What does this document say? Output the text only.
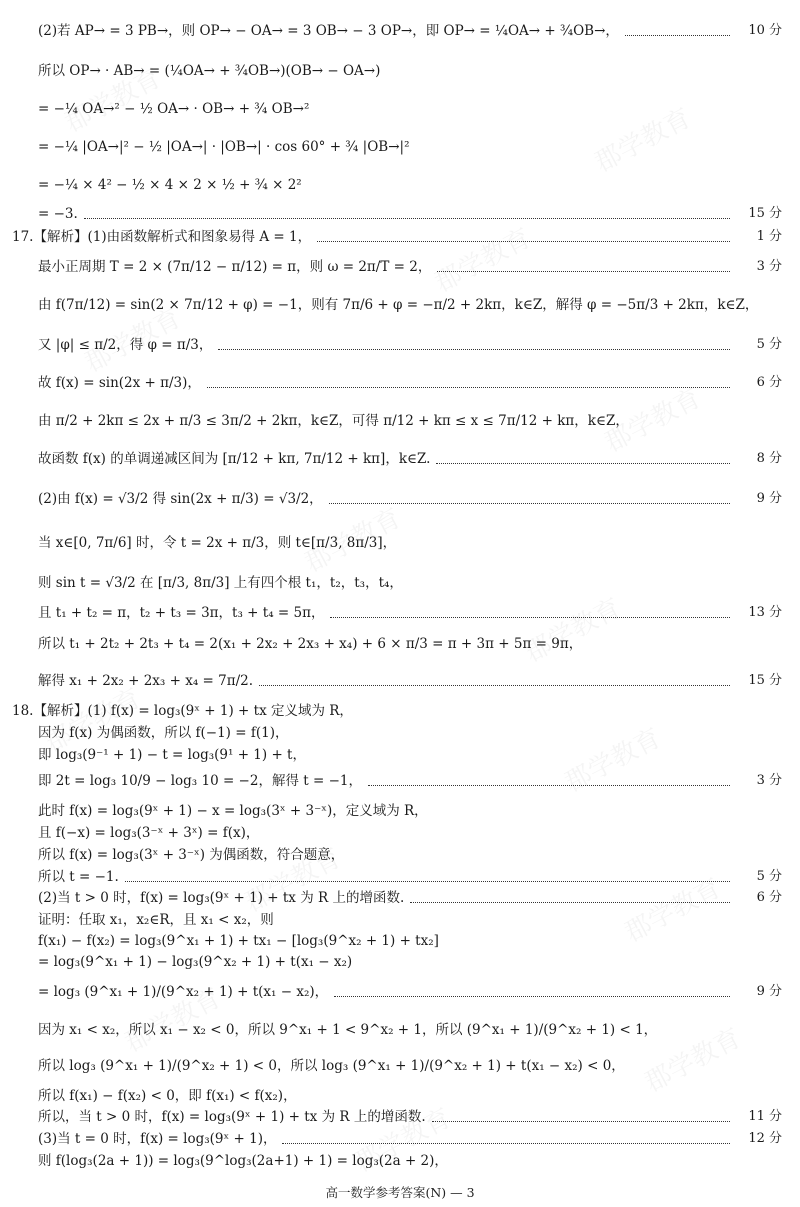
(2)若 AP→ = 3 PB→，则 OP→ − OA→ = 3 OB→ − 3 OP→，即 OP→ = ¼OA→ + ¾OB→，	10 分
所以 OP→ · AB→ = (¼OA→ + ¾OB→)(OB→ − OA→)
= −¼ OA→² − ½ OA→ · OB→ + ¾ OB→²
= −¼ |OA→|² − ½ |OA→| · |OB→| · cos 60° + ¾ |OB→|²
= −¼ × 4² − ½ × 4 × 2 × ½ + ¾ × 2²
= −3.	15 分
17.【解析】(1)由函数解析式和图象易得 A = 1，	1 分
最小正周期 T = 2 × (7π/12 − π/12) = π，则 ω = 2π/T = 2，	3 分
由 f(7π/12) = sin(2 × 7π/12 + φ) = −1，则有 7π/6 + φ = −π/2 + 2kπ，k∈Z，解得 φ = −5π/3 + 2kπ，k∈Z，
又 |φ| ≤ π/2，得 φ = π/3，	5 分
故 f(x) = sin(2x + π/3)，	6 分
由 π/2 + 2kπ ≤ 2x + π/3 ≤ 3π/2 + 2kπ，k∈Z，可得 π/12 + kπ ≤ x ≤ 7π/12 + kπ，k∈Z，
故函数 f(x) 的单调递减区间为 [π/12 + kπ, 7π/12 + kπ]，k∈Z.	8 分
(2)由 f(x) = √3/2 得 sin(2x + π/3) = √3/2，	9 分
当 x∈[0, 7π/6] 时，令 t = 2x + π/3，则 t∈[π/3, 8π/3]，
则 sin t = √3/2 在 [π/3, 8π/3] 上有四个根 t₁，t₂，t₃，t₄，
且 t₁ + t₂ = π，t₂ + t₃ = 3π，t₃ + t₄ = 5π，	13 分
所以 t₁ + 2t₂ + 2t₃ + t₄ = 2(x₁ + 2x₂ + 2x₃ + x₄) + 6 × π/3 = π + 3π + 5π = 9π，
解得 x₁ + 2x₂ + 2x₃ + x₄ = 7π/2.	15 分
18.【解析】(1) f(x) = log₃(9ˣ + 1) + tx 定义域为 R，
因为 f(x) 为偶函数，所以 f(−1) = f(1)，
即 log₃(9⁻¹ + 1) − t = log₃(9¹ + 1) + t，
即 2t = log₃ 10/9 − log₃ 10 = −2，解得 t = −1，	3 分
此时 f(x) = log₃(9ˣ + 1) − x = log₃(3ˣ + 3⁻ˣ)，定义域为 R，
且 f(−x) = log₃(3⁻ˣ + 3ˣ) = f(x)，
所以 f(x) = log₃(3ˣ + 3⁻ˣ) 为偶函数，符合题意，
所以 t = −1.	5 分
(2)当 t > 0 时，f(x) = log₃(9ˣ + 1) + tx 为 R 上的增函数.	6 分
证明：任取 x₁，x₂∈R，且 x₁ < x₂，则
f(x₁) − f(x₂) = log₃(9^x₁ + 1) + tx₁ − [log₃(9^x₂ + 1) + tx₂]
= log₃(9^x₁ + 1) − log₃(9^x₂ + 1) + t(x₁ − x₂)
= log₃ (9^x₁ + 1)/(9^x₂ + 1) + t(x₁ − x₂)，	9 分
因为 x₁ < x₂，所以 x₁ − x₂ < 0，所以 9^x₁ + 1 < 9^x₂ + 1，所以 (9^x₁ + 1)/(9^x₂ + 1) < 1，
所以 log₃ (9^x₁ + 1)/(9^x₂ + 1) < 0，所以 log₃ (9^x₁ + 1)/(9^x₂ + 1) + t(x₁ − x₂) < 0，
所以 f(x₁) − f(x₂) < 0，即 f(x₁) < f(x₂)，
所以，当 t > 0 时，f(x) = log₃(9ˣ + 1) + tx 为 R 上的增函数.	11 分
(3)当 t = 0 时，f(x) = log₃(9ˣ + 1)，	12 分
则 f(log₃(2a + 1)) = log₃(9^log₃(2a+1) + 1) = log₃(2a + 2)，
高一数学参考答案(N) — 3
